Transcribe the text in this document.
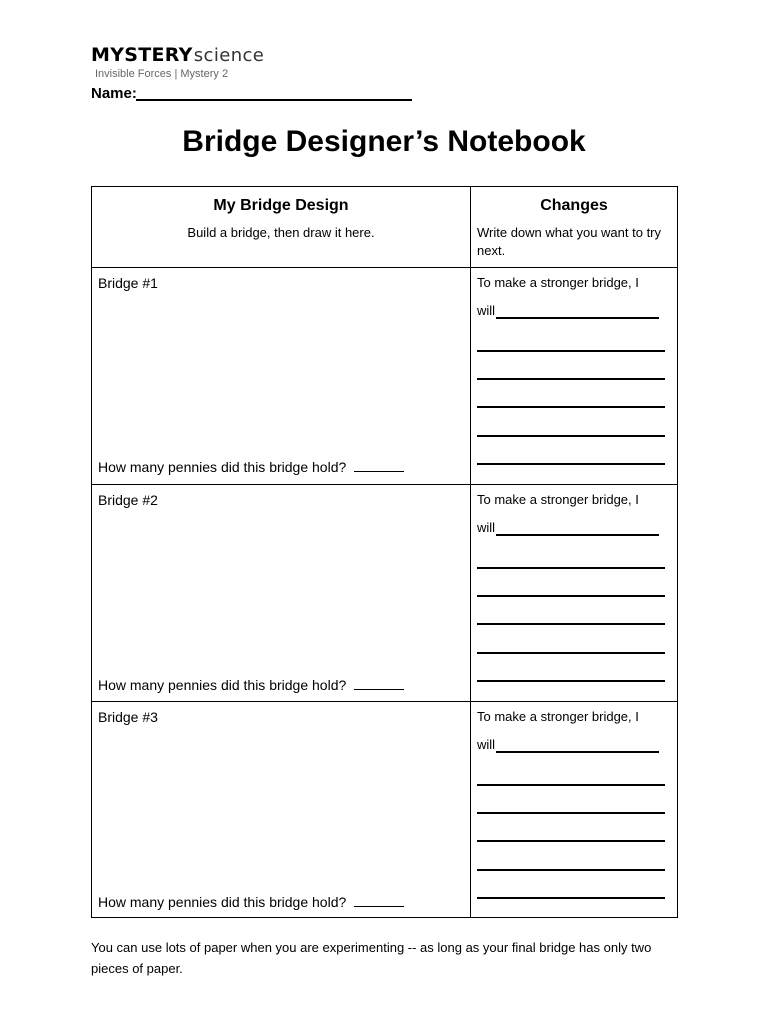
MYSTERYscience
Invisible Forces | Mystery 2
Name:
Bridge Designer’s Notebook
My Bridge Design
Build a bridge, then draw it here.
Changes
Write down what you want to try next.
Bridge #1
How many pennies did this bridge hold?
To make a stronger bridge, I
will
Bridge #2
How many pennies did this bridge hold?
To make a stronger bridge, I
will
Bridge #3
How many pennies did this bridge hold?
To make a stronger bridge, I
will
You can use lots of paper when you are experimenting -- as long as your final bridge has only two pieces of paper.
